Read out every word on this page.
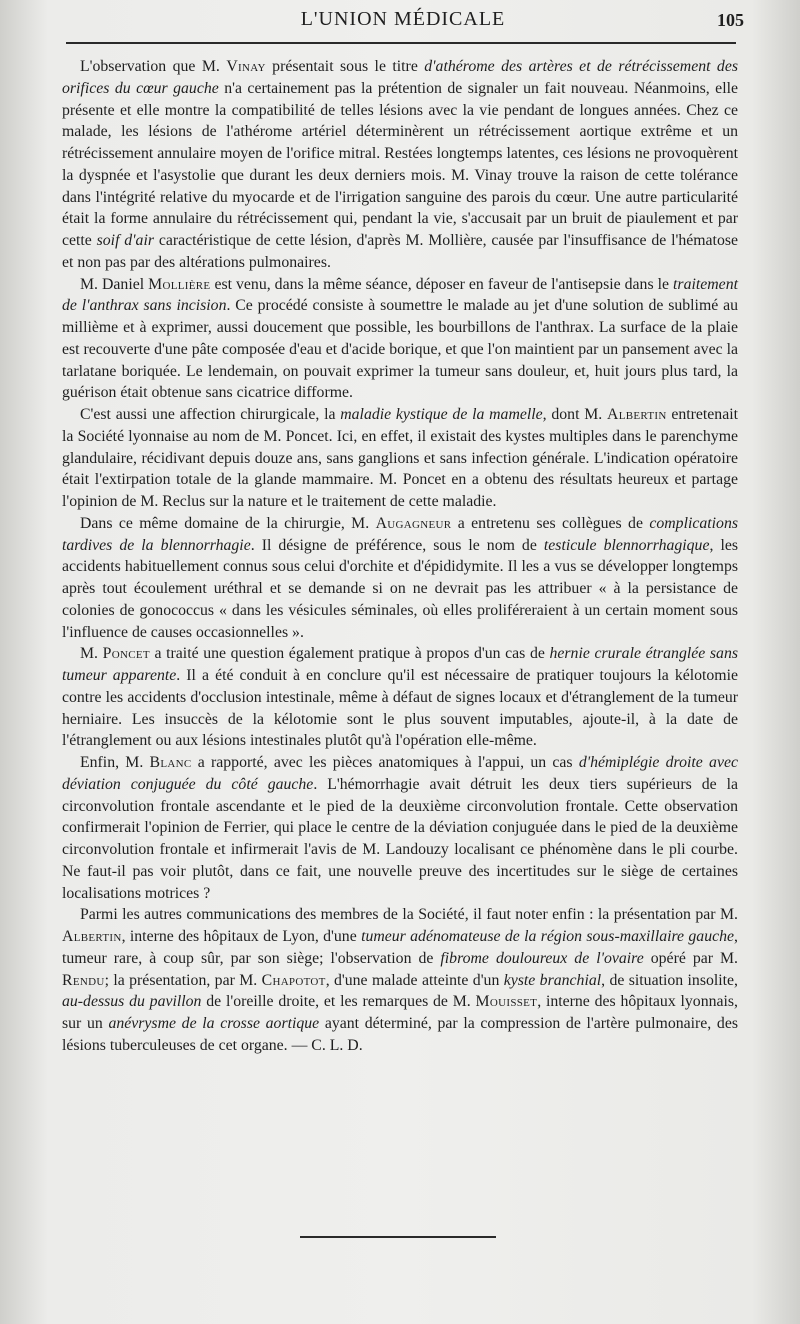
L'UNION MÉDICALE	105

L'observation que M. Vinay présentait sous le titre d'athérome des artères et de rétrécissement des orifices du cœur gauche n'a certainement pas la prétention de signaler un fait nouveau. Néanmoins, elle présente et elle montre la compatibilité de telles lésions avec la vie pendant de longues années. Chez ce malade, les lésions de l'athérome artériel déterminèrent un rétrécissement aortique extrême et un rétrécissement annulaire moyen de l'orifice mitral. Restées longtemps latentes, ces lésions ne provoquèrent la dyspnée et l'asystolie que durant les deux derniers mois. M. Vinay trouve la raison de cette tolérance dans l'intégrité relative du myocarde et de l'irrigation sanguine des parois du cœur. Une autre particularité était la forme annulaire du rétrécissement qui, pendant la vie, s'accusait par un bruit de piaulement et par cette soif d'air caractéristique de cette lésion, d'après M. Mollière, causée par l'insuffisance de l'hématose et non pas par des altérations pulmonaires.

M. Daniel Mollière est venu, dans la même séance, déposer en faveur de l'antisepsie dans le traitement de l'anthrax sans incision. Ce procédé consiste à soumettre le malade au jet d'une solution de sublimé au millième et à exprimer, aussi doucement que possible, les bourbillons de l'anthrax. La surface de la plaie est recouverte d'une pâte composée d'eau et d'acide borique, et que l'on maintient par un pansement avec la tarlatane boriquée. Le lendemain, on pouvait exprimer la tumeur sans douleur, et, huit jours plus tard, la guérison était obtenue sans cicatrice difforme.

C'est aussi une affection chirurgicale, la maladie kystique de la mamelle, dont M. Albertin entretenait la Société lyonnaise au nom de M. Poncet. Ici, en effet, il existait des kystes multiples dans le parenchyme glandulaire, récidivant depuis douze ans, sans ganglions et sans infection générale. L'indication opératoire était l'extirpation totale de la glande mammaire. M. Poncet en a obtenu des résultats heureux et partage l'opinion de M. Reclus sur la nature et le traitement de cette maladie.

Dans ce même domaine de la chirurgie, M. Augagneur a entretenu ses collègues de complications tardives de la blennorrhagie. Il désigne de préférence, sous le nom de testicule blennorrhagique, les accidents habituellement connus sous celui d'orchite et d'épididymite. Il les a vus se développer longtemps après tout écoulement uréthral et se demande si on ne devrait pas les attribuer « à la persistance de colonies de gonococcus « dans les vésicules séminales, où elles proliféreraient à un certain moment sous l'influence de causes occasionnelles ».

M. Poncet a traité une question également pratique à propos d'un cas de hernie crurale étranglée sans tumeur apparente. Il a été conduit à en conclure qu'il est nécessaire de pratiquer toujours la kélotomie contre les accidents d'occlusion intestinale, même à défaut de signes locaux et d'étranglement de la tumeur herniaire. Les insuccès de la kélotomie sont le plus souvent imputables, ajoute-il, à la date de l'étranglement ou aux lésions intestinales plutôt qu'à l'opération elle-même.

Enfin, M. Blanc a rapporté, avec les pièces anatomiques à l'appui, un cas d'hémiplégie droite avec déviation conjuguée du côté gauche. L'hémorrhagie avait détruit les deux tiers supérieurs de la circonvolution frontale ascendante et le pied de la deuxième circonvolution frontale. Cette observation confirmerait l'opinion de Ferrier, qui place le centre de la déviation conjuguée dans le pied de la deuxième circonvolution frontale et infirmerait l'avis de M. Landouzy localisant ce phénomène dans le pli courbe. Ne faut-il pas voir plutôt, dans ce fait, une nouvelle preuve des incertitudes sur le siège de certaines localisations motrices ?

Parmi les autres communications des membres de la Société, il faut noter enfin : la présentation par M. Albertin, interne des hôpitaux de Lyon, d'une tumeur adénomateuse de la région sous-maxillaire gauche, tumeur rare, à coup sûr, par son siège; l'observation de fibrome douloureux de l'ovaire opéré par M. Rendu; la présentation, par M. Chapotot, d'une malade atteinte d'un kyste branchial, de situation insolite, au-dessus du pavillon de l'oreille droite, et les remarques de M. Mouisset, interne des hôpitaux lyonnais, sur un anévrysme de la crosse aortique ayant déterminé, par la compression de l'artère pulmonaire, des lésions tuberculeuses de cet organe. — C. L. D.
